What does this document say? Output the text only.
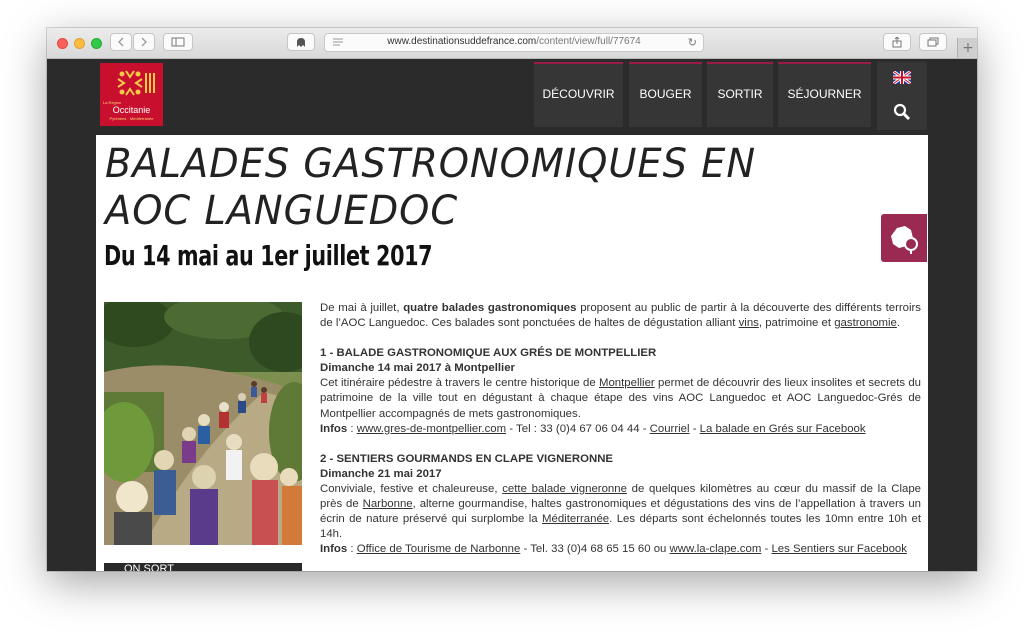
www.destinationsuddefrance.com/content/view/full/77674	↻	+
La Région
Occitanie
Pyrénées · Méditerranée
DÉCOUVRIR	BOUGER	SORTIR	SÉJOURNER
BALADES GASTRONOMIQUES EN AOC LANGUEDOC
Du 14 mai au 1er juillet 2017
ON SORT

De mai à juillet, quatre balades gastronomiques proposent au public de partir à la découverte des différents terroirs de l’AOC Languedoc. Ces balades sont ponctuées de haltes de dégustation alliant vins, patrimoine et gastronomie.

1 - BALADE GASTRONOMIQUE AUX GRÉS DE MONTPELLIER
Dimanche 14 mai 2017 à Montpellier

Cet itinéraire pédestre à travers le centre historique de Montpellier permet de découvrir des lieux insolites et secrets du patrimoine de la ville tout en dégustant à chaque étape des vins AOC Languedoc et AOC Languedoc-Grés de Montpellier accompagnés de mets gastronomiques.

Infos : www.gres-de-montpellier.com - Tel : 33 (0)4 67 06 04 44 - Courriel - La balade en Grés sur Facebook

2 - SENTIERS GOURMANDS EN CLAPE VIGNERONNE
Dimanche 21 mai 2017

Conviviale, festive et chaleureuse, cette balade vigneronne de quelques kilomètres au cœur du massif de la Clape près de Narbonne, alterne gourmandise, haltes gastronomiques et dégustations des vins de l’appellation à travers un écrin de nature préservé qui surplombe la Méditerranée. Les départs sont échelonnés toutes les 10mn entre 10h et 14h.

Infos : Office de Tourisme de Narbonne - Tel. 33 (0)4 68 65 15 60 ou www.la-clape.com - Les Sentiers sur Facebook
